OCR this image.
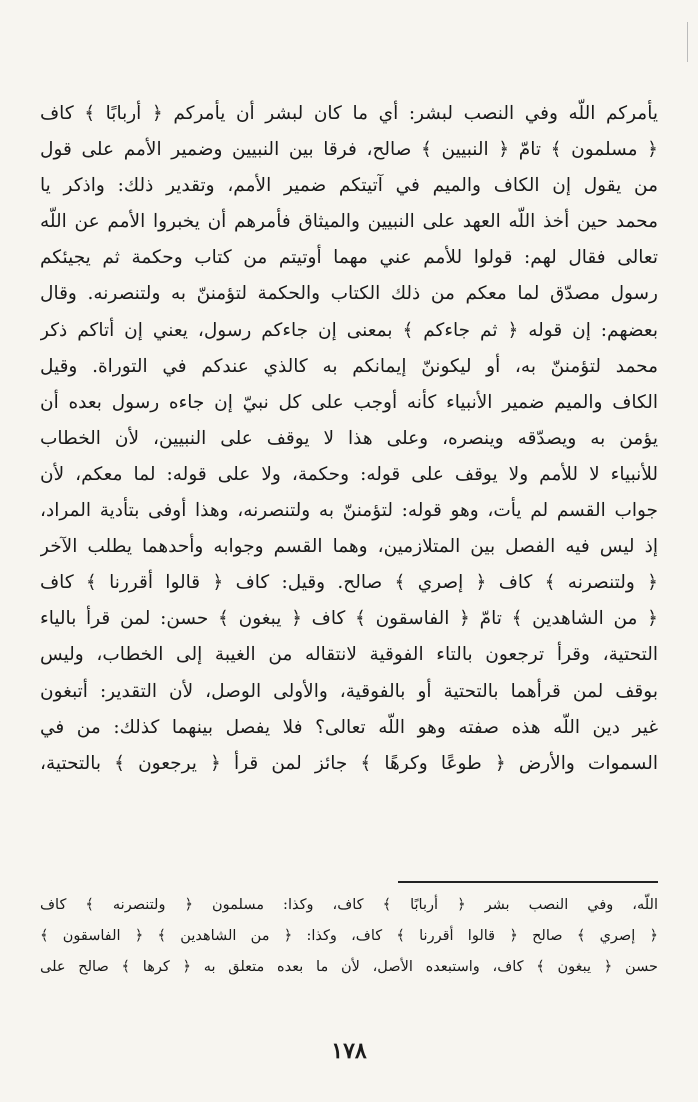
يأمركم اللّه وفي النصب لبشر: أي ما كان لبشر أن يأمركم ﴿ أربابًا ﴾ كاف
﴿ مسلمون ﴾ تامّ ﴿ النبيين ﴾ صالح، فرقا بين النبيين وضمير الأمم على قول
من يقول إن الكاف والميم في آتيتكم ضمير الأمم، وتقدير ذلك: واذكر يا
محمد حين أخذ اللّه العهد على النبيين والميثاق فأمرهم أن يخبروا الأمم عن اللّه
تعالى فقال لهم: قولوا للأمم عني مهما أوتيتم من كتاب وحكمة ثم يجيئكم
رسول مصدّق لما معكم من ذلك الكتاب والحكمة لتؤمننّ به ولتنصرنه. وقال
بعضهم: إن قوله ﴿ ثم جاءكم ﴾ بمعنى إن جاءكم رسول، يعني إن أتاكم ذكر
محمد لتؤمننّ به، أو ليكوننّ إيمانكم به كالذي عندكم في التوراة. وقيل
الكاف والميم ضمير الأنبياء كأنه أوجب على كل نبيّ إن جاءه رسول بعده أن
يؤمن به ويصدّقه وينصره، وعلى هذا لا يوقف على النبيين، لأن الخطاب
للأنبياء لا للأمم ولا يوقف على قوله: وحكمة، ولا على قوله: لما معكم، لأن
جواب القسم لم يأت، وهو قوله: لتؤمننّ به ولتنصرنه، وهذا أوفى بتأدية المراد،
إذ ليس فيه الفصل بين المتلازمين، وهما القسم وجوابه وأحدهما يطلب الآخر
﴿ ولتنصرنه ﴾ كاف ﴿ إصري ﴾ صالح. وقيل: كاف ﴿ قالوا أقررنا ﴾ كاف
﴿ من الشاهدين ﴾ تامّ ﴿ الفاسقون ﴾ كاف ﴿ يبغون ﴾ حسن: لمن قرأ بالياء
التحتية، وقرأ ترجعون بالتاء الفوقية لانتقاله من الغيبة إلى الخطاب، وليس
بوقف لمن قرأهما بالتحتية أو بالفوقية، والأولى الوصل، لأن التقدير: أتبغون
غير دين اللّه هذه صفته وهو اللّه تعالى؟ فلا يفصل بينهما كذلك: من في
السموات والأرض ﴿ طوعًا وكرهًا ﴾ جائز لمن قرأ ﴿ يرجعون ﴾ بالتحتية،
اللّه، وفي النصب بشر ﴿ أربابًا ﴾ كاف، وكذا: مسلمون ﴿ ولتنصرنه ﴾ كاف
﴿ إصري ﴾ صالح ﴿ قالوا أقررنا ﴾ كاف، وكذا: ﴿ من الشاهدين ﴾ ﴿ الفاسقون ﴾
حسن ﴿ يبغون ﴾ كاف، واستبعده الأصل، لأن ما بعده متعلق به ﴿ كرها ﴾ صالح على
١٧٨
